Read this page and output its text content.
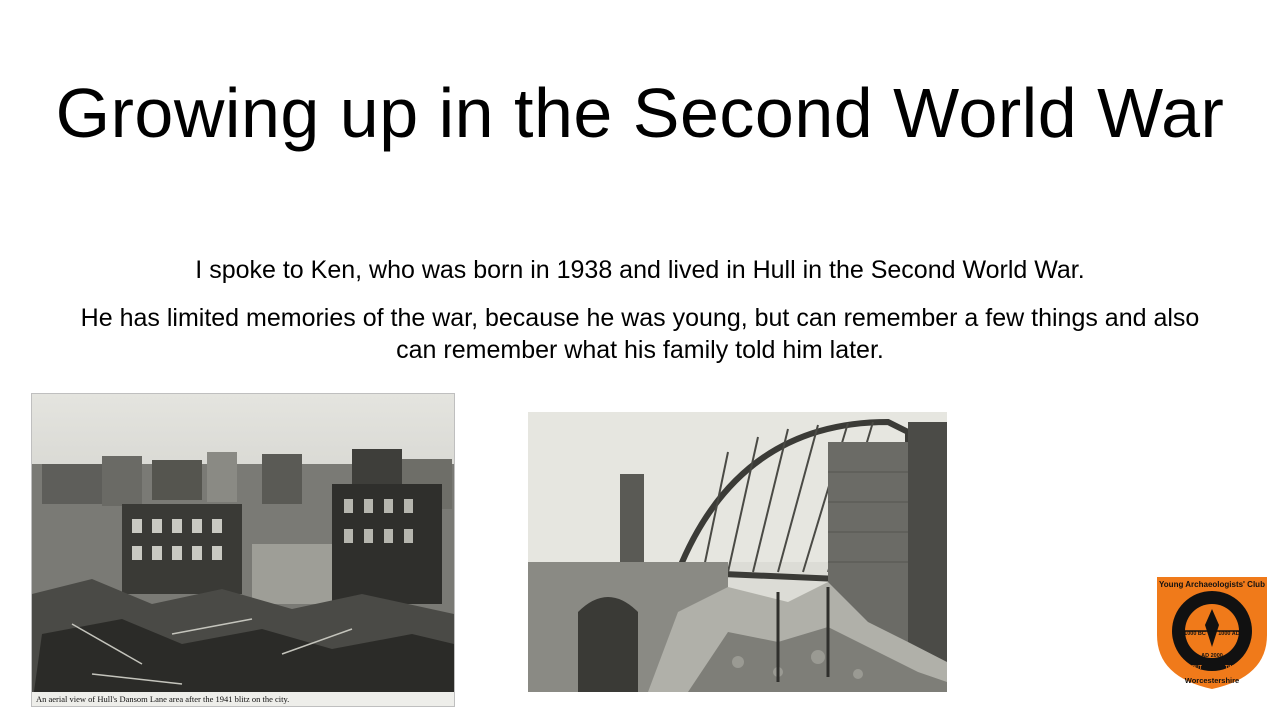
Growing up in the Second World War

I spoke to Ken, who was born in 1938 and lived in Hull in the Second World War.

He has limited memories of the war, because he was young, but can remember a few things and also can remember what his family told him later.

An aerial view of Hull's Dansom Lane area after the 1941 blitz on the city.
Young Archaeologists' Club
Worcestershire
1000 BC 1000 AD
AD 2000
ABOUT	TIME
